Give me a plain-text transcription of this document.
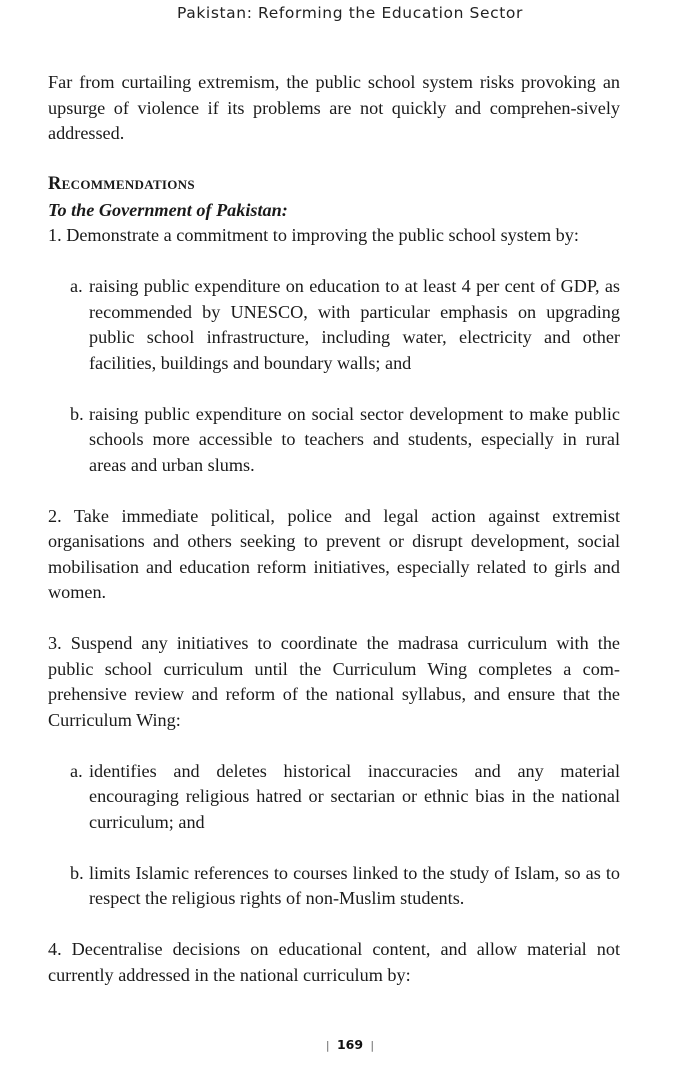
Pakistan: Reforming the Education Sector

Far from curtailing extremism, the public school system risks provoking an upsurge of violence if its problems are not quickly and comprehen-sively addressed.

Recommendations

To the Government of Pakistan:

1. Demonstrate a commitment to improving the public school system by:

a. raising public expenditure on education to at least 4 per cent of GDP, as recommended by UNESCO, with particular emphasis on upgrading public school infrastructure, including water, electricity and other facilities, buildings and boundary walls; and

b. raising public expenditure on social sector development to make public schools more accessible to teachers and students, especially in rural areas and urban slums.

2. Take immediate political, police and legal action against extremist organisations and others seeking to prevent or disrupt development, social mobilisation and education reform initiatives, especially related to girls and women.

3. Suspend any initiatives to coordinate the madrasa curriculum with the public school curriculum until the Curriculum Wing completes a com-prehensive review and reform of the national syllabus, and ensure that the Curriculum Wing:

a. identifies and deletes historical inaccuracies and any material encouraging religious hatred or sectarian or ethnic bias in the national curriculum; and

b. limits Islamic references to courses linked to the study of Islam, so as to respect the religious rights of non-Muslim students.

4. Decentralise decisions on educational content, and allow material not currently addressed in the national curriculum by:

| 169 |
